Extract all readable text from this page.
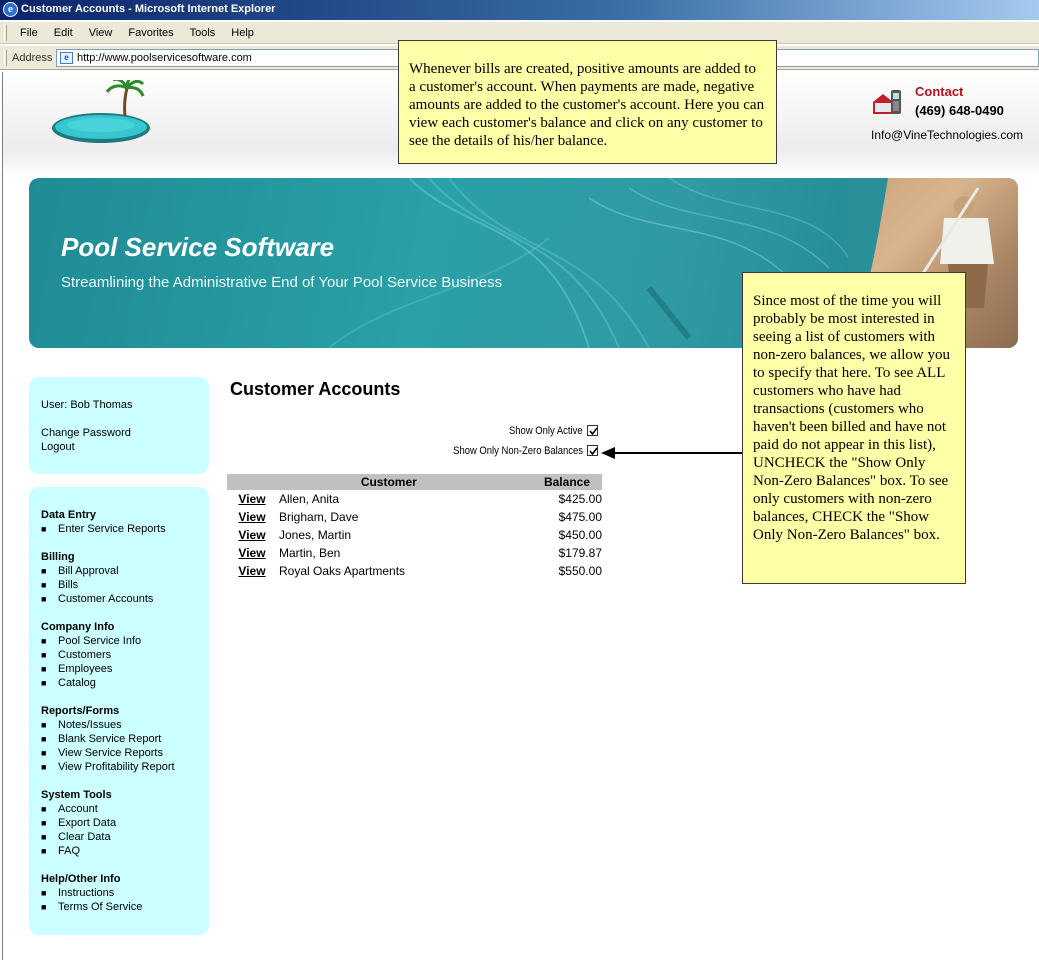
e Customer Accounts - Microsoft Internet Explorer
File	Edit	View	Favorites	Tools	Help
Address	e http://www.poolservicesoftware.com
Contact
(469) 648-0490
Info@VineTechnologies.com
Pool Service Software
Streamlining the Administrative End of Your Pool Service Business
User: Bob Thomas
Change Password
Logout
Data Entry
■ Enter Service Reports
Billing
■ Bill Approval
■ Bills
■ Customer Accounts
Company Info
■ Pool Service Info
■ Customers
■ Employees
■ Catalog
Reports/Forms
■ Notes/Issues
■ Blank Service Report
■ View Service Reports
■ View Profitability Report
System Tools
■ Account
■ Export Data
■ Clear Data
■ FAQ
Help/Other Info
■ Instructions
■ Terms Of Service
Customer Accounts
Show Only Active
Show Only Non-Zero Balances
	Customer	Balance
View	Allen, Anita	$425.00
View	Brigham, Dave	$475.00
View	Jones, Martin	$450.00
View	Martin, Ben	$179.87
View	Royal Oaks Apartments	$550.00
Since most of the time you will probably be most interested in seeing a list of customers with non-zero balances, we allow you to specify that here. To see ALL customers who have had transactions (customers who haven't been billed and have not paid do not appear in this list), UNCHECK the "Show Only Non-Zero Balances" box. To see only customers with non-zero balances, CHECK the "Show Only Non-Zero Balances" box.
Whenever bills are created, positive amounts are added to a customer's account. When payments are made, negative amounts are added to the customer's account. Here you can view each customer's balance and click on any customer to see the details of his/her balance.
